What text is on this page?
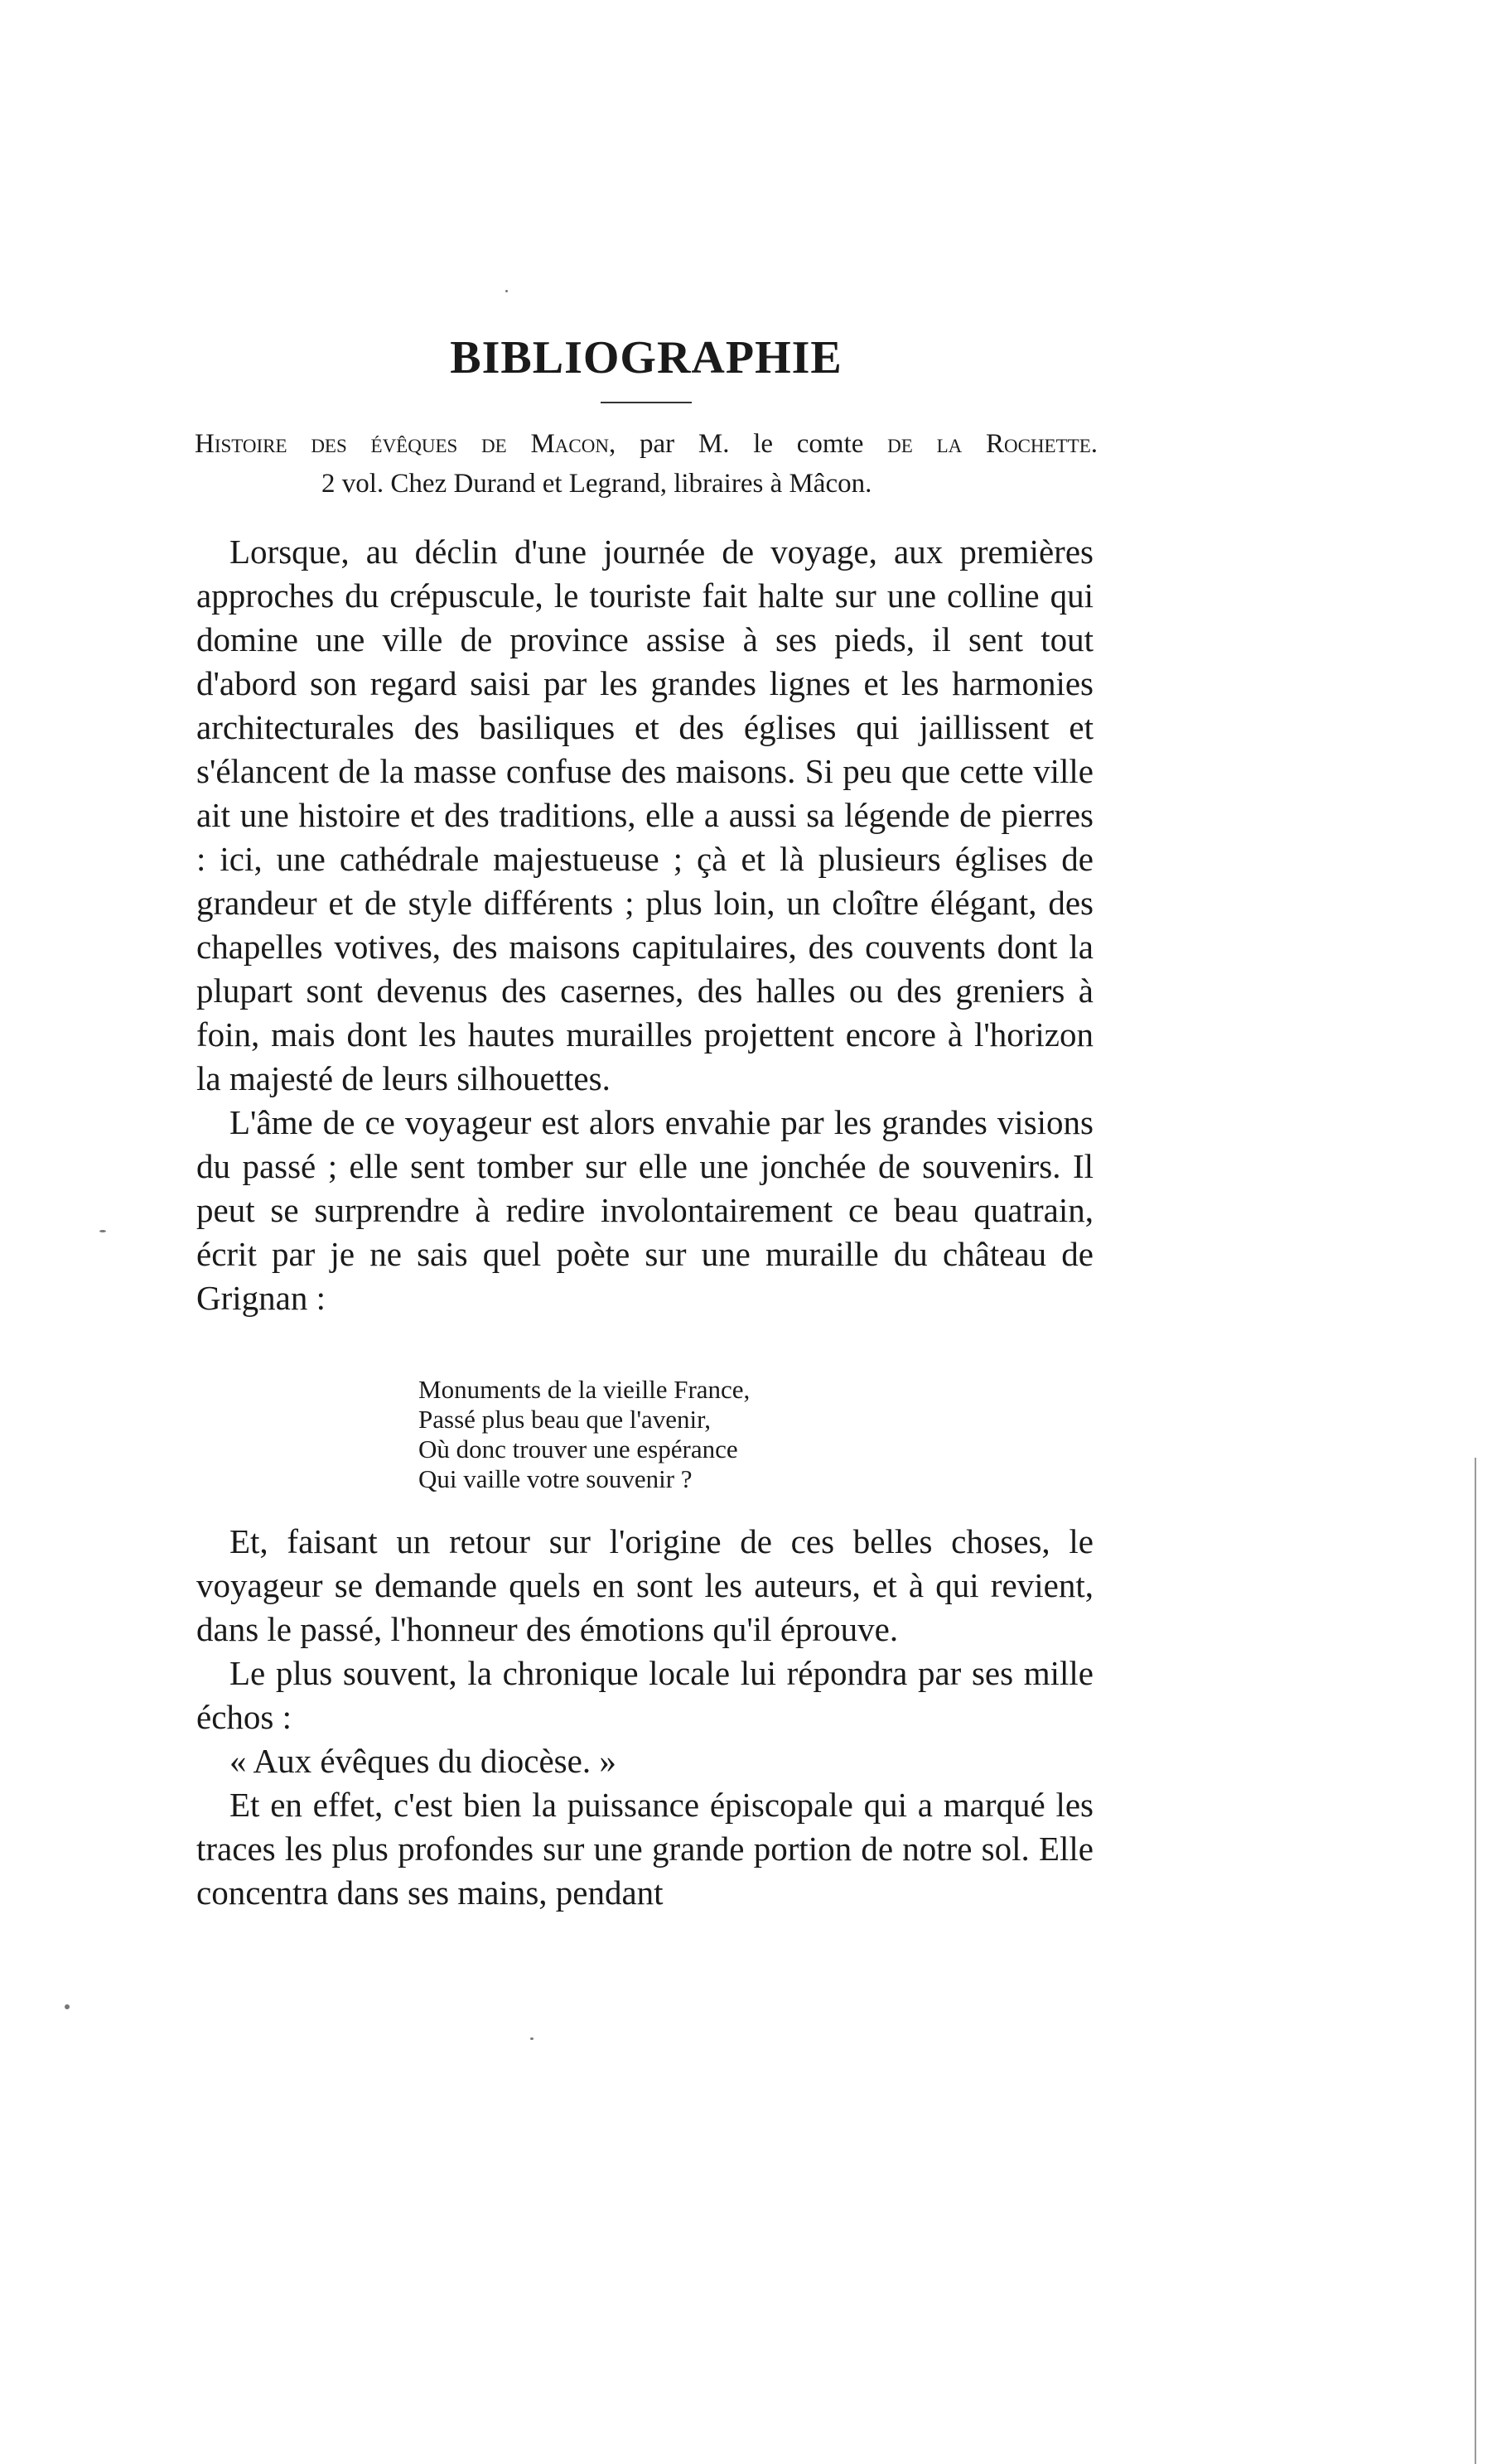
BIBLIOGRAPHIE
Histoire des évêques de Macon, par M. le comte de la Rochette.
2 vol. Chez Durand et Legrand, libraires à Mâcon.

Lorsque, au déclin d'une journée de voyage, aux premières approches du crépuscule, le touriste fait halte sur une colline qui domine une ville de province assise à ses pieds, il sent tout d'abord son regard saisi par les grandes lignes et les harmonies architecturales des basiliques et des églises qui jaillissent et s'élancent de la masse confuse des maisons. Si peu que cette ville ait une histoire et des traditions, elle a aussi sa légende de pierres : ici, une cathédrale majestueuse ; çà et là plusieurs églises de grandeur et de style différents ; plus loin, un cloître élégant, des chapelles votives, des maisons capitulaires, des couvents dont la plupart sont devenus des casernes, des halles ou des greniers à foin, mais dont les hautes murailles projettent encore à l'horizon la majesté de leurs silhouettes.

L'âme de ce voyageur est alors envahie par les grandes visions du passé ; elle sent tomber sur elle une jonchée de souvenirs. Il peut se surprendre à redire involontairement ce beau quatrain, écrit par je ne sais quel poète sur une muraille du château de Grignan :

Monuments de la vieille France,
Passé plus beau que l'avenir,
Où donc trouver une espérance
Qui vaille votre souvenir ?

Et, faisant un retour sur l'origine de ces belles choses, le voyageur se demande quels en sont les auteurs, et à qui revient, dans le passé, l'honneur des émotions qu'il éprouve.

Le plus souvent, la chronique locale lui répondra par ses mille échos :

« Aux évêques du diocèse. »

Et en effet, c'est bien la puissance épiscopale qui a marqué les traces les plus profondes sur une grande portion de notre sol. Elle concentra dans ses mains, pendant
